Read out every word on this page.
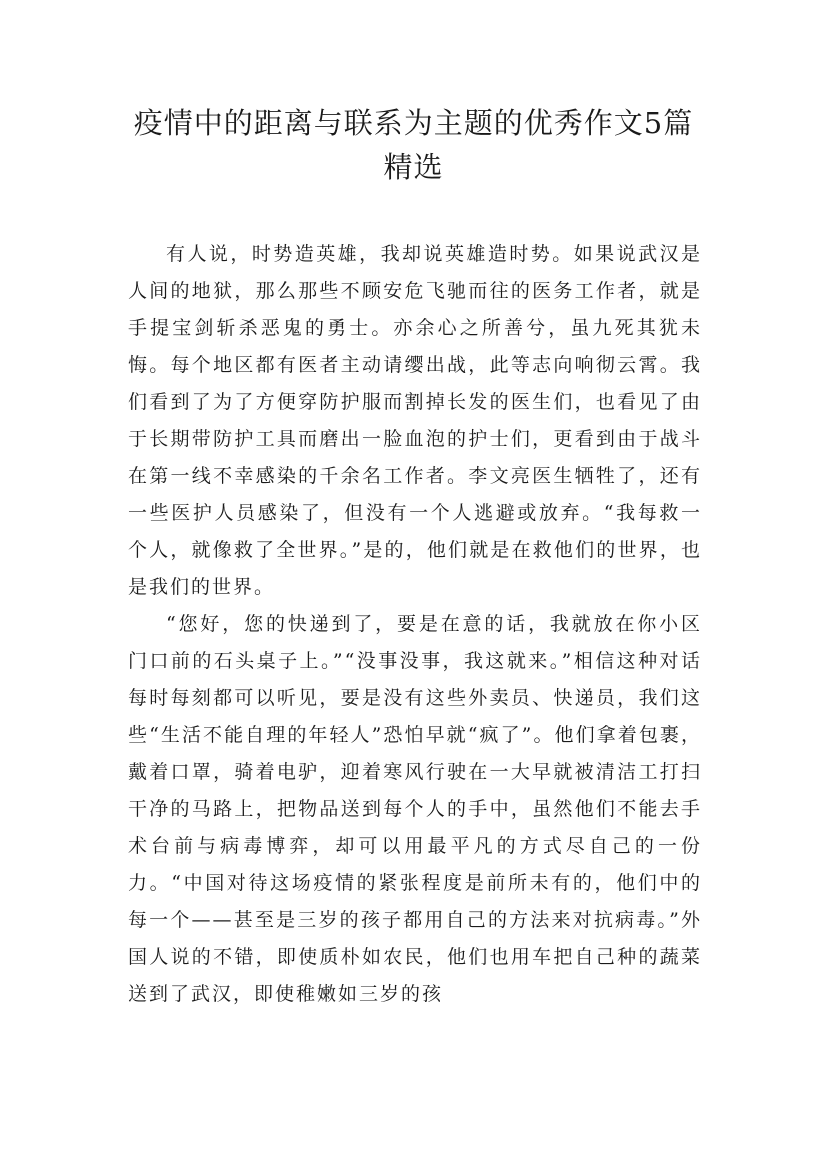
疫情中的距离与联系为主题的优秀作文5篇
精选

有人说，时势造英雄，我却说英雄造时势。如果说武汉是人间的地狱，那么那些不顾安危飞驰而往的医务工作者，就是手提宝剑斩杀恶鬼的勇士。亦余心之所善兮，虽九死其犹未悔。每个地区都有医者主动请缨出战，此等志向响彻云霄。我们看到了为了方便穿防护服而割掉长发的医生们，也看见了由于长期带防护工具而磨出一脸血泡的护士们，更看到由于战斗在第一线不幸感染的千余名工作者。李文亮医生牺牲了，还有一些医护人员感染了，但没有一个人逃避或放弃。“我每救一个人，就像救了全世界。”是的，他们就是在救他们的世界，也是我们的世界。

“您好，您的快递到了，要是在意的话，我就放在你小区门口前的石头桌子上。”“没事没事，我这就来。”相信这种对话每时每刻都可以听见，要是没有这些外卖员、快递员，我们这些“生活不能自理的年轻人”恐怕早就“疯了”。他们拿着包裹，戴着口罩，骑着电驴，迎着寒风行驶在一大早就被清洁工打扫干净的马路上，把物品送到每个人的手中，虽然他们不能去手术台前与病毒博弈，却可以用最平凡的方式尽自己的一份力。“中国对待这场疫情的紧张程度是前所未有的，他们中的每一个——甚至是三岁的孩子都用自己的方法来对抗病毒。”外国人说的不错，即使质朴如农民，他们也用车把自己种的蔬菜送到了武汉，即使稚嫩如三岁的孩
